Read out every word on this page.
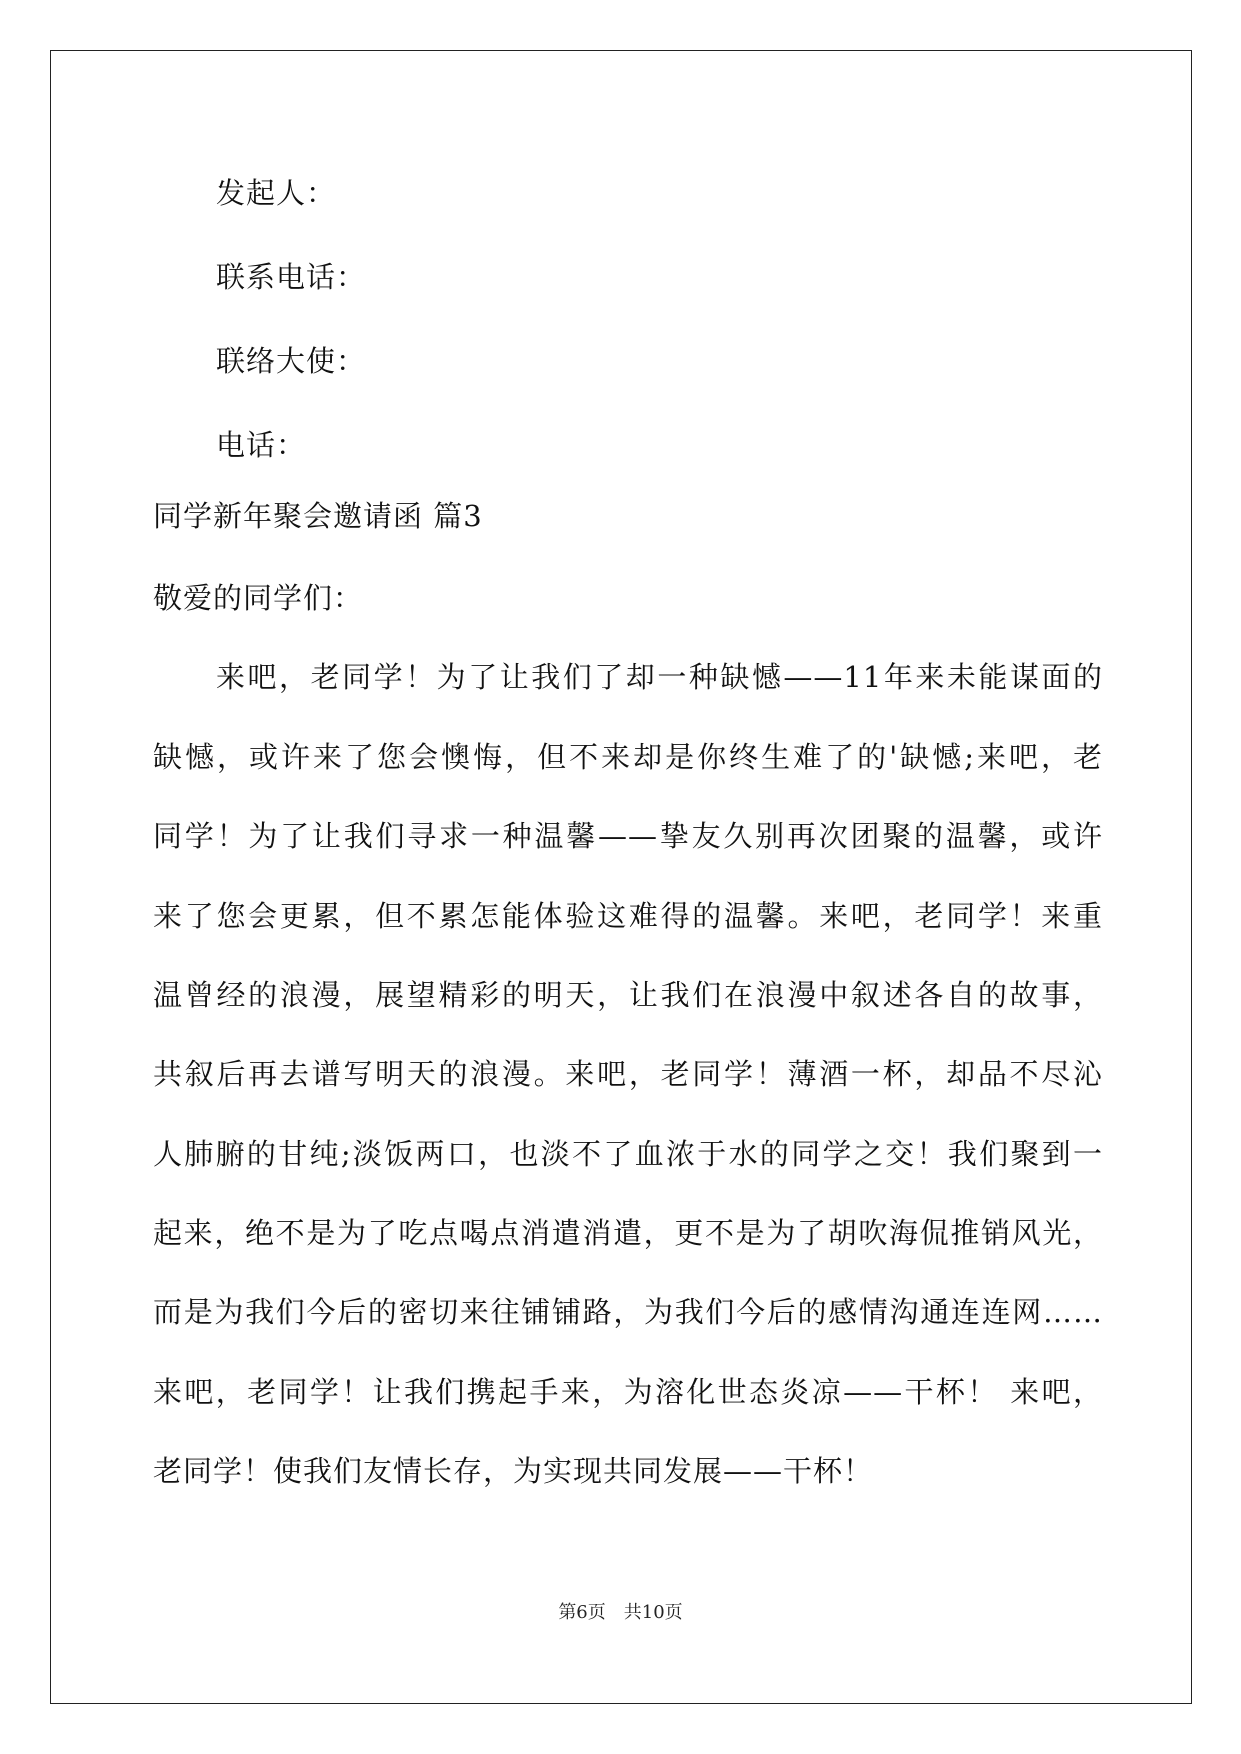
发起人：
联系电话：
联络大使：
电话：
同学新年聚会邀请函 篇3
敬爱的同学们：
来吧，老同学！为了让我们了却一种缺憾——11年来未能谋面的
缺憾，或许来了您会懊悔，但不来却是你终生难了的'缺憾;来吧，老
同学！为了让我们寻求一种温馨——挚友久别再次团聚的温馨，或许
来了您会更累，但不累怎能体验这难得的温馨。来吧，老同学！来重
温曾经的浪漫，展望精彩的明天，让我们在浪漫中叙述各自的故事，
共叙后再去谱写明天的浪漫。来吧，老同学！薄酒一杯，却品不尽沁
人肺腑的甘纯;淡饭两口，也淡不了血浓于水的同学之交！我们聚到一
起来，绝不是为了吃点喝点消遣消遣，更不是为了胡吹海侃推销风光，
而是为我们今后的密切来往铺铺路，为我们今后的感情沟通连连网……
来吧，老同学！让我们携起手来，为溶化世态炎凉——干杯！ 来吧，
老同学！使我们友情长存，为实现共同发展——干杯！
第6页 共10页
